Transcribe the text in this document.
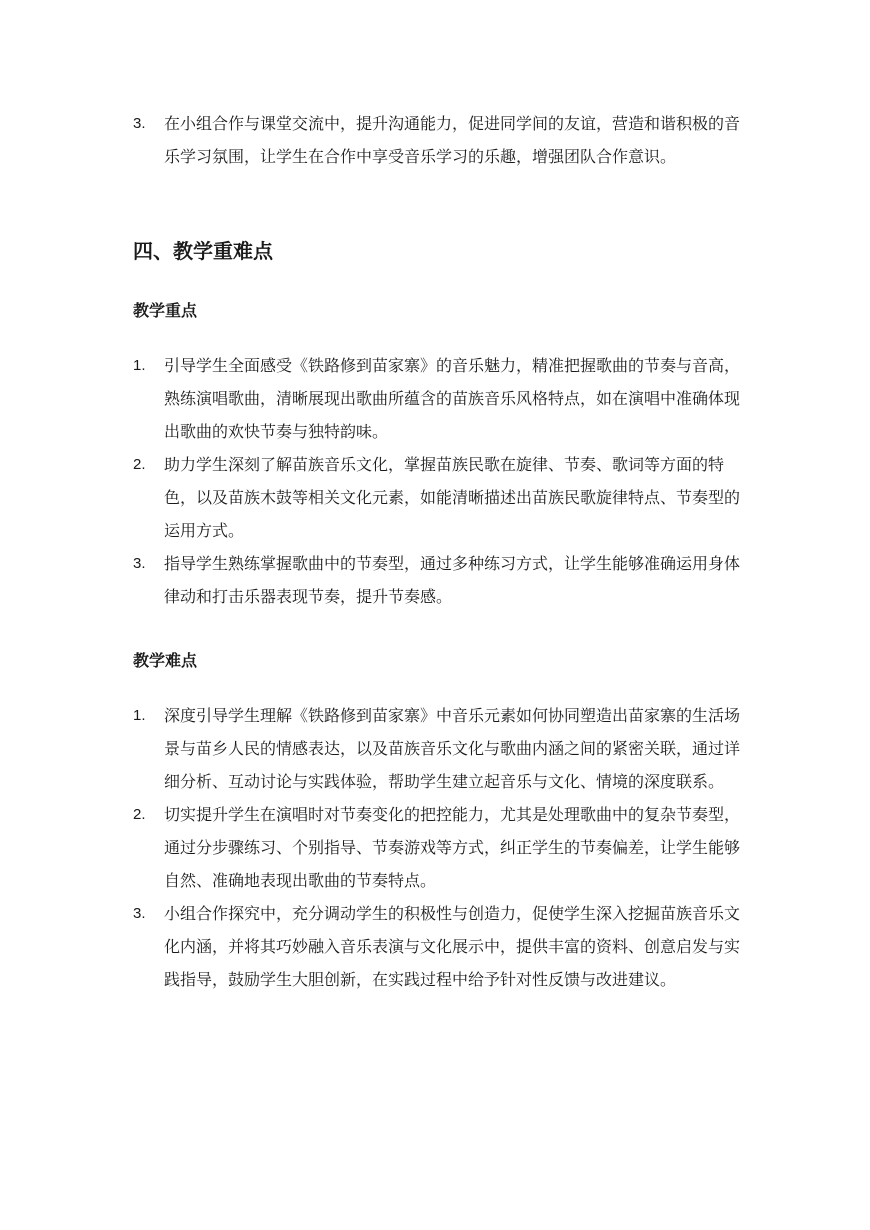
3. 在小组合作与课堂交流中，提升沟通能力，促进同学间的友谊，营造和谐积极的音乐学习氛围，让学生在合作中享受音乐学习的乐趣，增强团队合作意识。
四、教学重难点
教学重点
1. 引导学生全面感受《铁路修到苗家寨》的音乐魅力，精准把握歌曲的节奏与音高，熟练演唱歌曲，清晰展现出歌曲所蕴含的苗族音乐风格特点，如在演唱中准确体现出歌曲的欢快节奏与独特韵味。
2. 助力学生深刻了解苗族音乐文化，掌握苗族民歌在旋律、节奏、歌词等方面的特色，以及苗族木鼓等相关文化元素，如能清晰描述出苗族民歌旋律特点、节奏型的运用方式。
3. 指导学生熟练掌握歌曲中的节奏型，通过多种练习方式，让学生能够准确运用身体律动和打击乐器表现节奏，提升节奏感。
教学难点
1. 深度引导学生理解《铁路修到苗家寨》中音乐元素如何协同塑造出苗家寨的生活场景与苗乡人民的情感表达，以及苗族音乐文化与歌曲内涵之间的紧密关联，通过详细分析、互动讨论与实践体验，帮助学生建立起音乐与文化、情境的深度联系。
2. 切实提升学生在演唱时对节奏变化的把控能力，尤其是处理歌曲中的复杂节奏型，通过分步骤练习、个别指导、节奏游戏等方式，纠正学生的节奏偏差，让学生能够自然、准确地表现出歌曲的节奏特点。
3. 小组合作探究中，充分调动学生的积极性与创造力，促使学生深入挖掘苗族音乐文化内涵，并将其巧妙融入音乐表演与文化展示中，提供丰富的资料、创意启发与实践指导，鼓励学生大胆创新，在实践过程中给予针对性反馈与改进建议。
